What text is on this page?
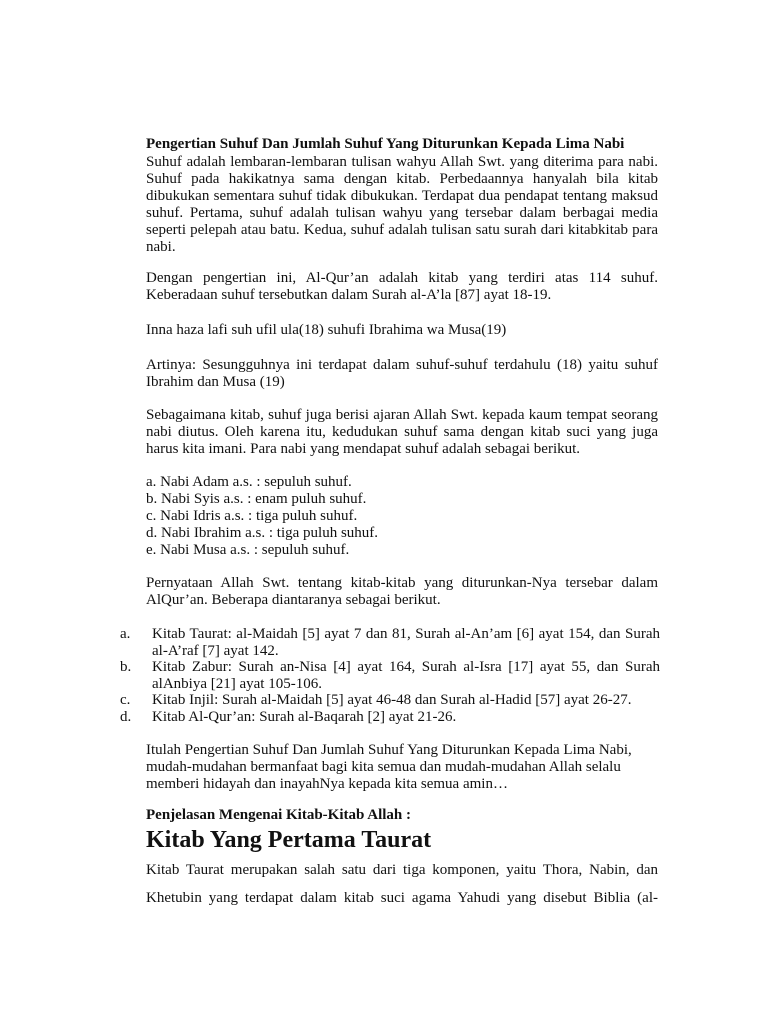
Pengertian Suhuf Dan Jumlah Suhuf Yang Diturunkan Kepada Lima Nabi
Suhuf adalah lembaran-lembaran tulisan wahyu Allah Swt. yang diterima para nabi. Suhuf pada hakikatnya sama dengan kitab. Perbedaannya hanyalah bila kitab dibukukan sementara suhuf tidak dibukukan. Terdapat dua pendapat tentang maksud suhuf. Pertama, suhuf adalah tulisan wahyu yang tersebar dalam berbagai media seperti pelepah atau batu. Kedua, suhuf adalah tulisan satu surah dari kitabkitab para nabi.
Dengan pengertian ini, Al-Qur’an adalah kitab yang terdiri atas 114 suhuf. Keberadaan suhuf tersebutkan dalam Surah al-A’la [87] ayat 18-19.
Inna haza lafi suh ufil ula(18) suhufi Ibrahima wa Musa(19)
Artinya: Sesungguhnya ini terdapat dalam suhuf-suhuf terdahulu (18) yaitu suhuf Ibrahim dan Musa (19)
Sebagaimana kitab, suhuf juga berisi ajaran Allah Swt. kepada kaum tempat seorang nabi diutus. Oleh karena itu, kedudukan suhuf sama dengan kitab suci yang juga harus kita imani. Para nabi yang mendapat suhuf adalah sebagai berikut.
a. Nabi Adam a.s. : sepuluh suhuf.
b. Nabi Syis a.s. : enam puluh suhuf.
c. Nabi Idris a.s. : tiga puluh suhuf.
d. Nabi Ibrahim a.s. : tiga puluh suhuf.
e. Nabi Musa a.s. : sepuluh suhuf.
Pernyataan Allah Swt. tentang kitab-kitab yang diturunkan-Nya tersebar dalam AlQur’an. Beberapa diantaranya sebagai berikut.
a. Kitab Taurat: al-Maidah [5] ayat 7 dan 81, Surah al-An’am [6] ayat 154, dan Surah al-A’raf [7] ayat 142.
b. Kitab Zabur: Surah an-Nisa [4] ayat 164, Surah al-Isra [17] ayat 55, dan Surah alAnbiya [21] ayat 105-106.
c. Kitab Injil: Surah al-Maidah [5] ayat 46-48 dan Surah al-Hadid [57] ayat 26-27.
d. Kitab Al-Qur’an: Surah al-Baqarah [2] ayat 21-26.
Itulah Pengertian Suhuf Dan Jumlah Suhuf Yang Diturunkan Kepada Lima Nabi,
mudah-mudahan bermanfaat bagi kita semua dan mudah-mudahan Allah selalu
memberi hidayah dan inayahNya kepada kita semua amin…
Penjelasan Mengenai Kitab-Kitab Allah :
Kitab Yang Pertama Taurat
Kitab Taurat merupakan salah satu dari tiga komponen, yaitu Thora, Nabin, dan
Khetubin yang terdapat dalam kitab suci agama Yahudi yang disebut Biblia (al-
